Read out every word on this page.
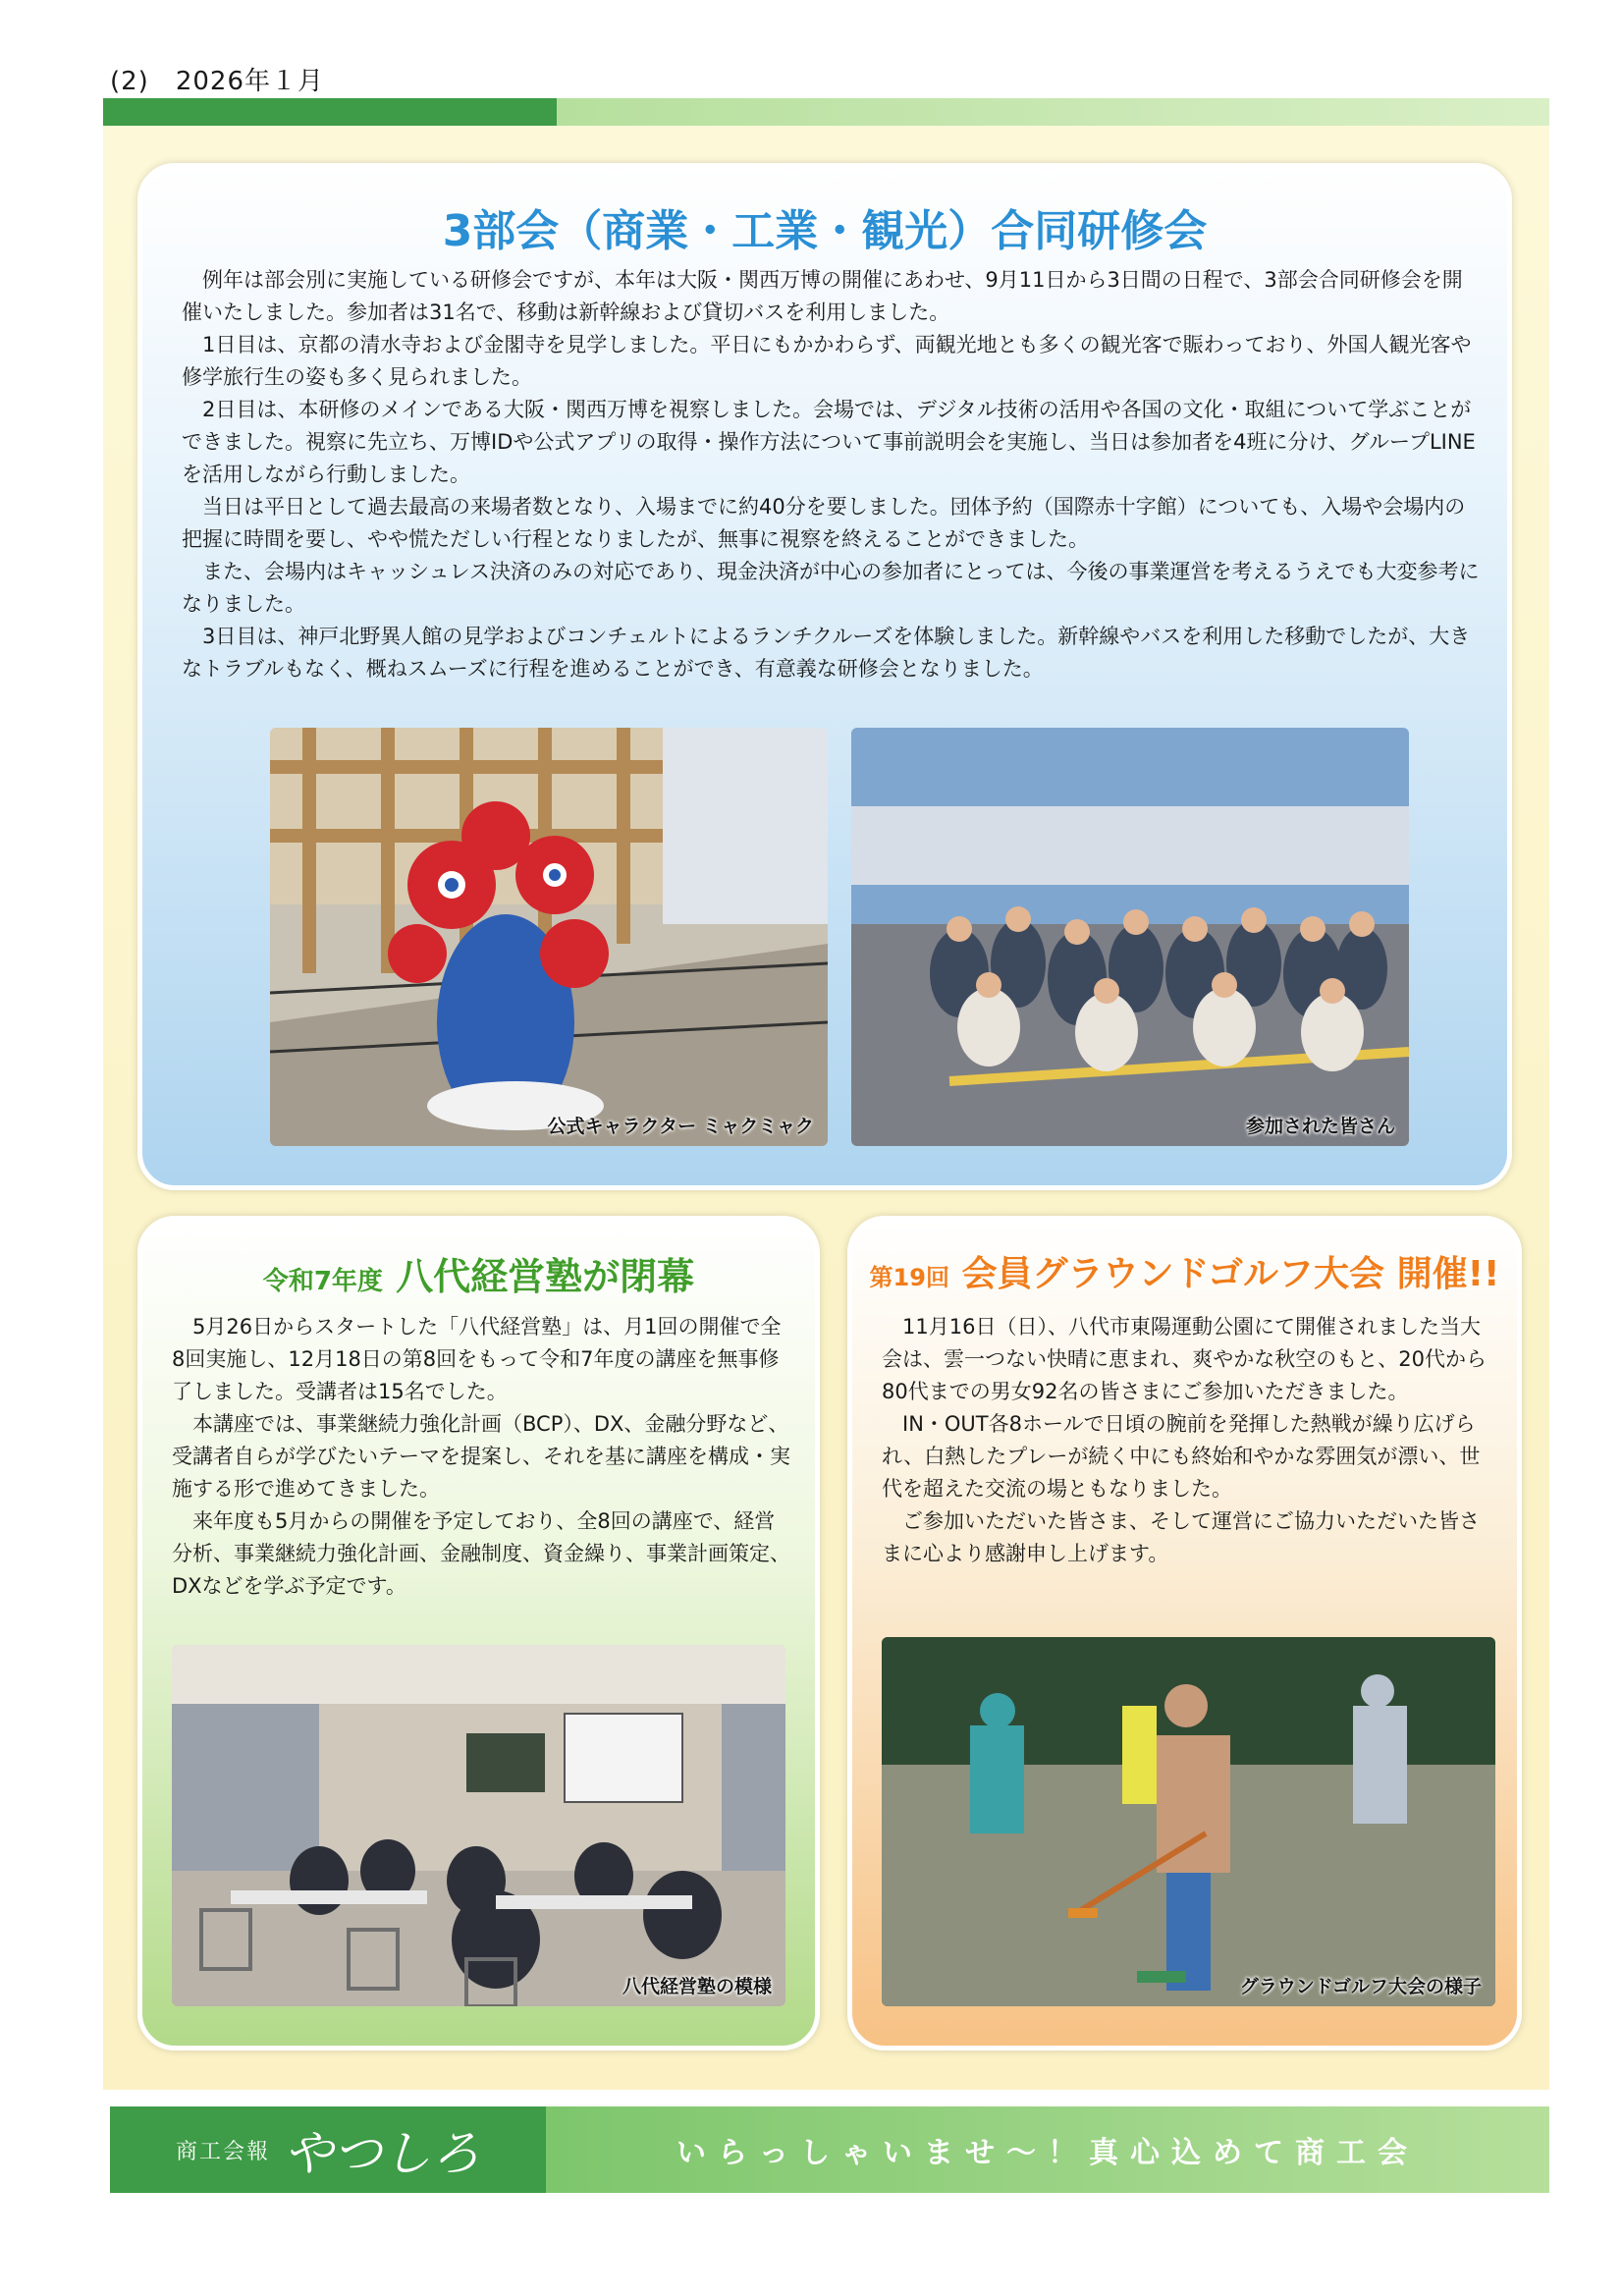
(2)　2026年１月
3部会（商業・工業・観光）合同研修会

例年は部会別に実施している研修会ですが、本年は大阪・関西万博の開催にあわせ、9月11日から3日間の日程で、3部会合同研修会を開催いたしました。参加者は31名で、移動は新幹線および貸切バスを利用しました。

1日目は、京都の清水寺および金閣寺を見学しました。平日にもかかわらず、両観光地とも多くの観光客で賑わっており、外国人観光客や修学旅行生の姿も多く見られました。

2日目は、本研修のメインである大阪・関西万博を視察しました。会場では、デジタル技術の活用や各国の文化・取組について学ぶことができました。視察に先立ち、万博IDや公式アプリの取得・操作方法について事前説明会を実施し、当日は参加者を4班に分け、グループLINEを活用しながら行動しました。

当日は平日として過去最高の来場者数となり、入場までに約40分を要しました。団体予約（国際赤十字館）についても、入場や会場内の把握に時間を要し、やや慌ただしい行程となりましたが、無事に視察を終えることができました。

また、会場内はキャッシュレス決済のみの対応であり、現金決済が中心の参加者にとっては、今後の事業運営を考えるうえでも大変参考になりました。

3日目は、神戸北野異人館の見学およびコンチェルトによるランチクルーズを体験しました。新幹線やバスを利用した移動でしたが、大きなトラブルもなく、概ねスムーズに行程を進めることができ、有意義な研修会となりました。

公式キャラクター ミャクミャク	参加された皆さん
令和7年度 八代経営塾が閉幕

5月26日からスタートした「八代経営塾」は、月1回の開催で全8回実施し、12月18日の第8回をもって令和7年度の講座を無事修了しました。受講者は15名でした。

本講座では、事業継続力強化計画（BCP）、DX、金融分野など、受講者自らが学びたいテーマを提案し、それを基に講座を構成・実施する形で進めてきました。

来年度も5月からの開催を予定しており、全8回の講座で、経営分析、事業継続力強化計画、金融制度、資金繰り、事業計画策定、DXなどを学ぶ予定です。

八代経営塾の模様
第19回 会員グラウンドゴルフ大会 開催!!

11月16日（日）、八代市東陽運動公園にて開催されました当大会は、雲一つない快晴に恵まれ、爽やかな秋空のもと、20代から80代までの男女92名の皆さまにご参加いただきました。

IN・OUT各8ホールで日頃の腕前を発揮した熱戦が繰り広げられ、白熱したプレーが続く中にも終始和やかな雰囲気が漂い、世代を超えた交流の場ともなりました。

ご参加いただいた皆さま、そして運営にご協力いただいた皆さまに心より感謝申し上げます。

グラウンドゴルフ大会の様子
商工会報 やつしろ	いらっしゃいませ～！真心込めて商工会
